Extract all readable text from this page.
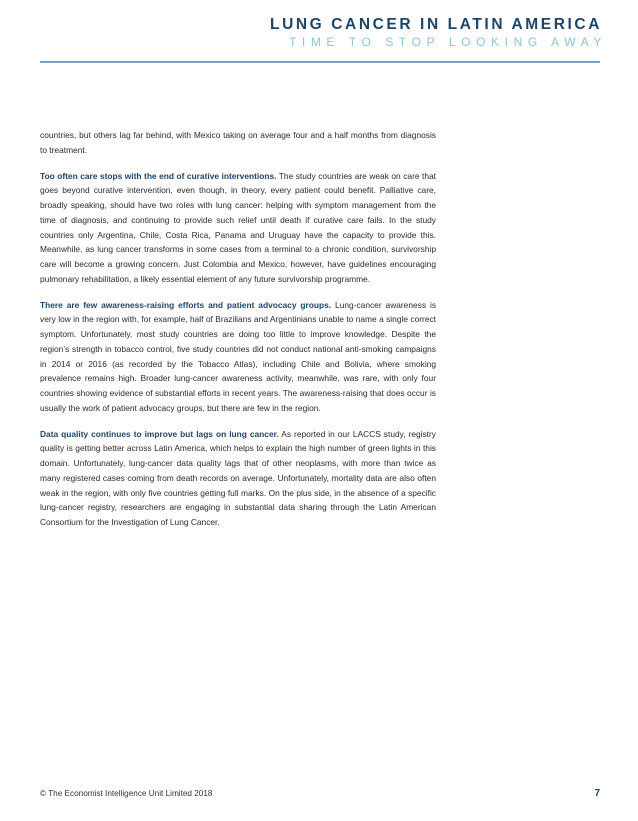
LUNG CANCER IN LATIN AMERICA
TIME TO STOP LOOKING AWAY

countries, but others lag far behind, with Mexico taking on average four and a half months from diagnosis to treatment.

Too often care stops with the end of curative interventions. The study countries are weak on care that goes beyond curative intervention, even though, in theory, every patient could benefit. Palliative care, broadly speaking, should have two roles with lung cancer: helping with symptom management from the time of diagnosis, and continuing to provide such relief until death if curative care fails. In the study countries only Argentina, Chile, Costa Rica, Panama and Uruguay have the capacity to provide this. Meanwhile, as lung cancer transforms in some cases from a terminal to a chronic condition, survivorship care will become a growing concern. Just Colombia and Mexico, however, have guidelines encouraging pulmonary rehabilitation, a likely essential element of any future survivorship programme.

There are few awareness-raising efforts and patient advocacy groups. Lung-cancer awareness is very low in the region with, for example, half of Brazilians and Argentinians unable to name a single correct symptom. Unfortunately, most study countries are doing too little to improve knowledge. Despite the region’s strength in tobacco control, five study countries did not conduct national anti-smoking campaigns in 2014 or 2016 (as recorded by the Tobacco Atlas), including Chile and Bolivia, where smoking prevalence remains high. Broader lung-cancer awareness activity, meanwhile, was rare, with only four countries showing evidence of substantial efforts in recent years. The awareness-raising that does occur is usually the work of patient advocacy groups, but there are few in the region.

Data quality continues to improve but lags on lung cancer. As reported in our LACCS study, registry quality is getting better across Latin America, which helps to explain the high number of green lights in this domain. Unfortunately, lung-cancer data quality lags that of other neoplasms, with more than twice as many registered cases coming from death records on average. Unfortunately, mortality data are also often weak in the region, with only five countries getting full marks. On the plus side, in the absence of a specific lung-cancer registry, researchers are engaging in substantial data sharing through the Latin American Consortium for the Investigation of Lung Cancer.

© The Economist Intelligence Unit Limited 2018	7
